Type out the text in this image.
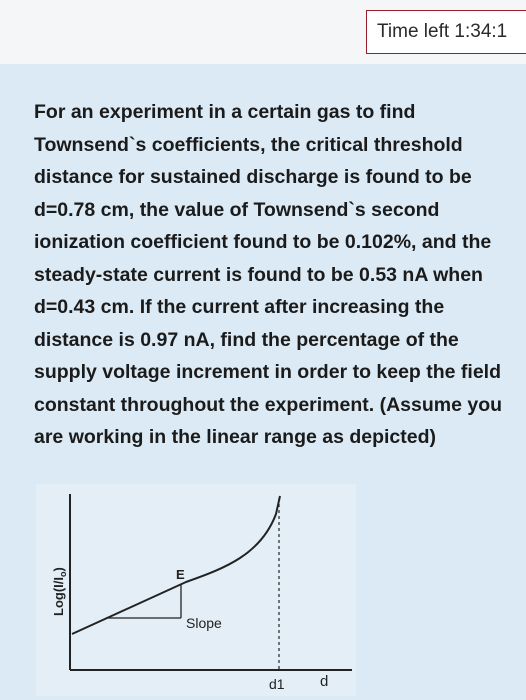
Time left 1:34:1

For an experiment in a certain gas to find Townsend`s coefficients, the critical threshold distance for sustained discharge is found to be d=0.78 cm, the value of Townsend`s second ionization coefficient found to be 0.102%, and the steady-state current is found to be 0.53 nA when d=0.43 cm. If the current after increasing the distance is 0.97 nA, find the percentage of the supply voltage increment in order to keep the field constant throughout the experiment. (Assume you are working in the linear range as depicted)

$Log(I/I_o)$	E
Slope
d1 d
